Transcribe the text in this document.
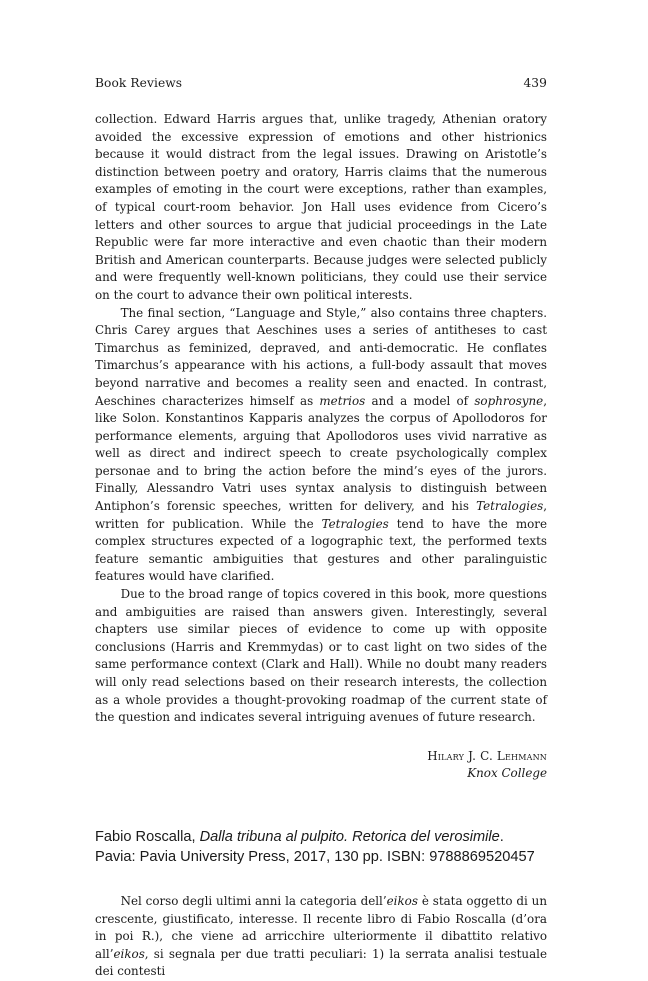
Book Reviews	439

collection. Edward Harris argues that, unlike tragedy, Athenian oratory avoided the excessive expression of emotions and other histrionics because it would distract from the legal issues. Drawing on Aristotle’s distinction between poetry and oratory, Harris claims that the numerous examples of emoting in the court were exceptions, rather than examples, of typical court-room behavior. Jon Hall uses evidence from Cicero’s letters and other sources to argue that judicial proceedings in the Late Republic were far more interactive and even chaotic than their modern British and American counterparts. Because judges were selected publicly and were frequently well-known politicians, they could use their service on the court to advance their own political interests.

The final section, “Language and Style,” also contains three chapters. Chris Carey argues that Aeschines uses a series of antitheses to cast Timarchus as feminized, depraved, and anti-democratic. He conflates Timarchus’s appearance with his actions, a full-body assault that moves beyond narrative and becomes a reality seen and enacted. In contrast, Aeschines characterizes himself as metrios and a model of sophrosyne, like Solon. Konstantinos Kapparis analyzes the corpus of Apollodoros for performance elements, arguing that Apollodoros uses vivid narrative as well as direct and indirect speech to create psychologically complex personae and to bring the action before the mind’s eyes of the jurors. Finally, Alessandro Vatri uses syntax analysis to distinguish between Antiphon’s forensic speeches, written for delivery, and his Tetralogies, written for publication. While the Tetralogies tend to have the more complex structures expected of a logographic text, the performed texts feature semantic ambiguities that gestures and other paralinguistic features would have clarified.

Due to the broad range of topics covered in this book, more questions and ambiguities are raised than answers given. Interestingly, several chapters use similar pieces of evidence to come up with opposite conclusions (Harris and Kremmydas) or to cast light on two sides of the same performance context (Clark and Hall). While no doubt many readers will only read selections based on their research interests, the collection as a whole provides a thought-provoking roadmap of the current state of the question and indicates several intriguing avenues of future research.

Hilary J. C. Lehmann
Knox College
Fabio Roscalla, Dalla tribuna al pulpito. Retorica del verosimile. Pavia: Pavia University Press, 2017, 130 pp. ISBN: 9788869520457

Nel corso degli ultimi anni la categoria dell’eikos è stata oggetto di un crescente, giustificato, interesse. Il recente libro di Fabio Roscalla (d’ora in poi R.), che viene ad arricchire ulteriormente il dibattito relativo all’eikos, si segnala per due tratti peculiari: 1) la serrata analisi testuale dei contesti
